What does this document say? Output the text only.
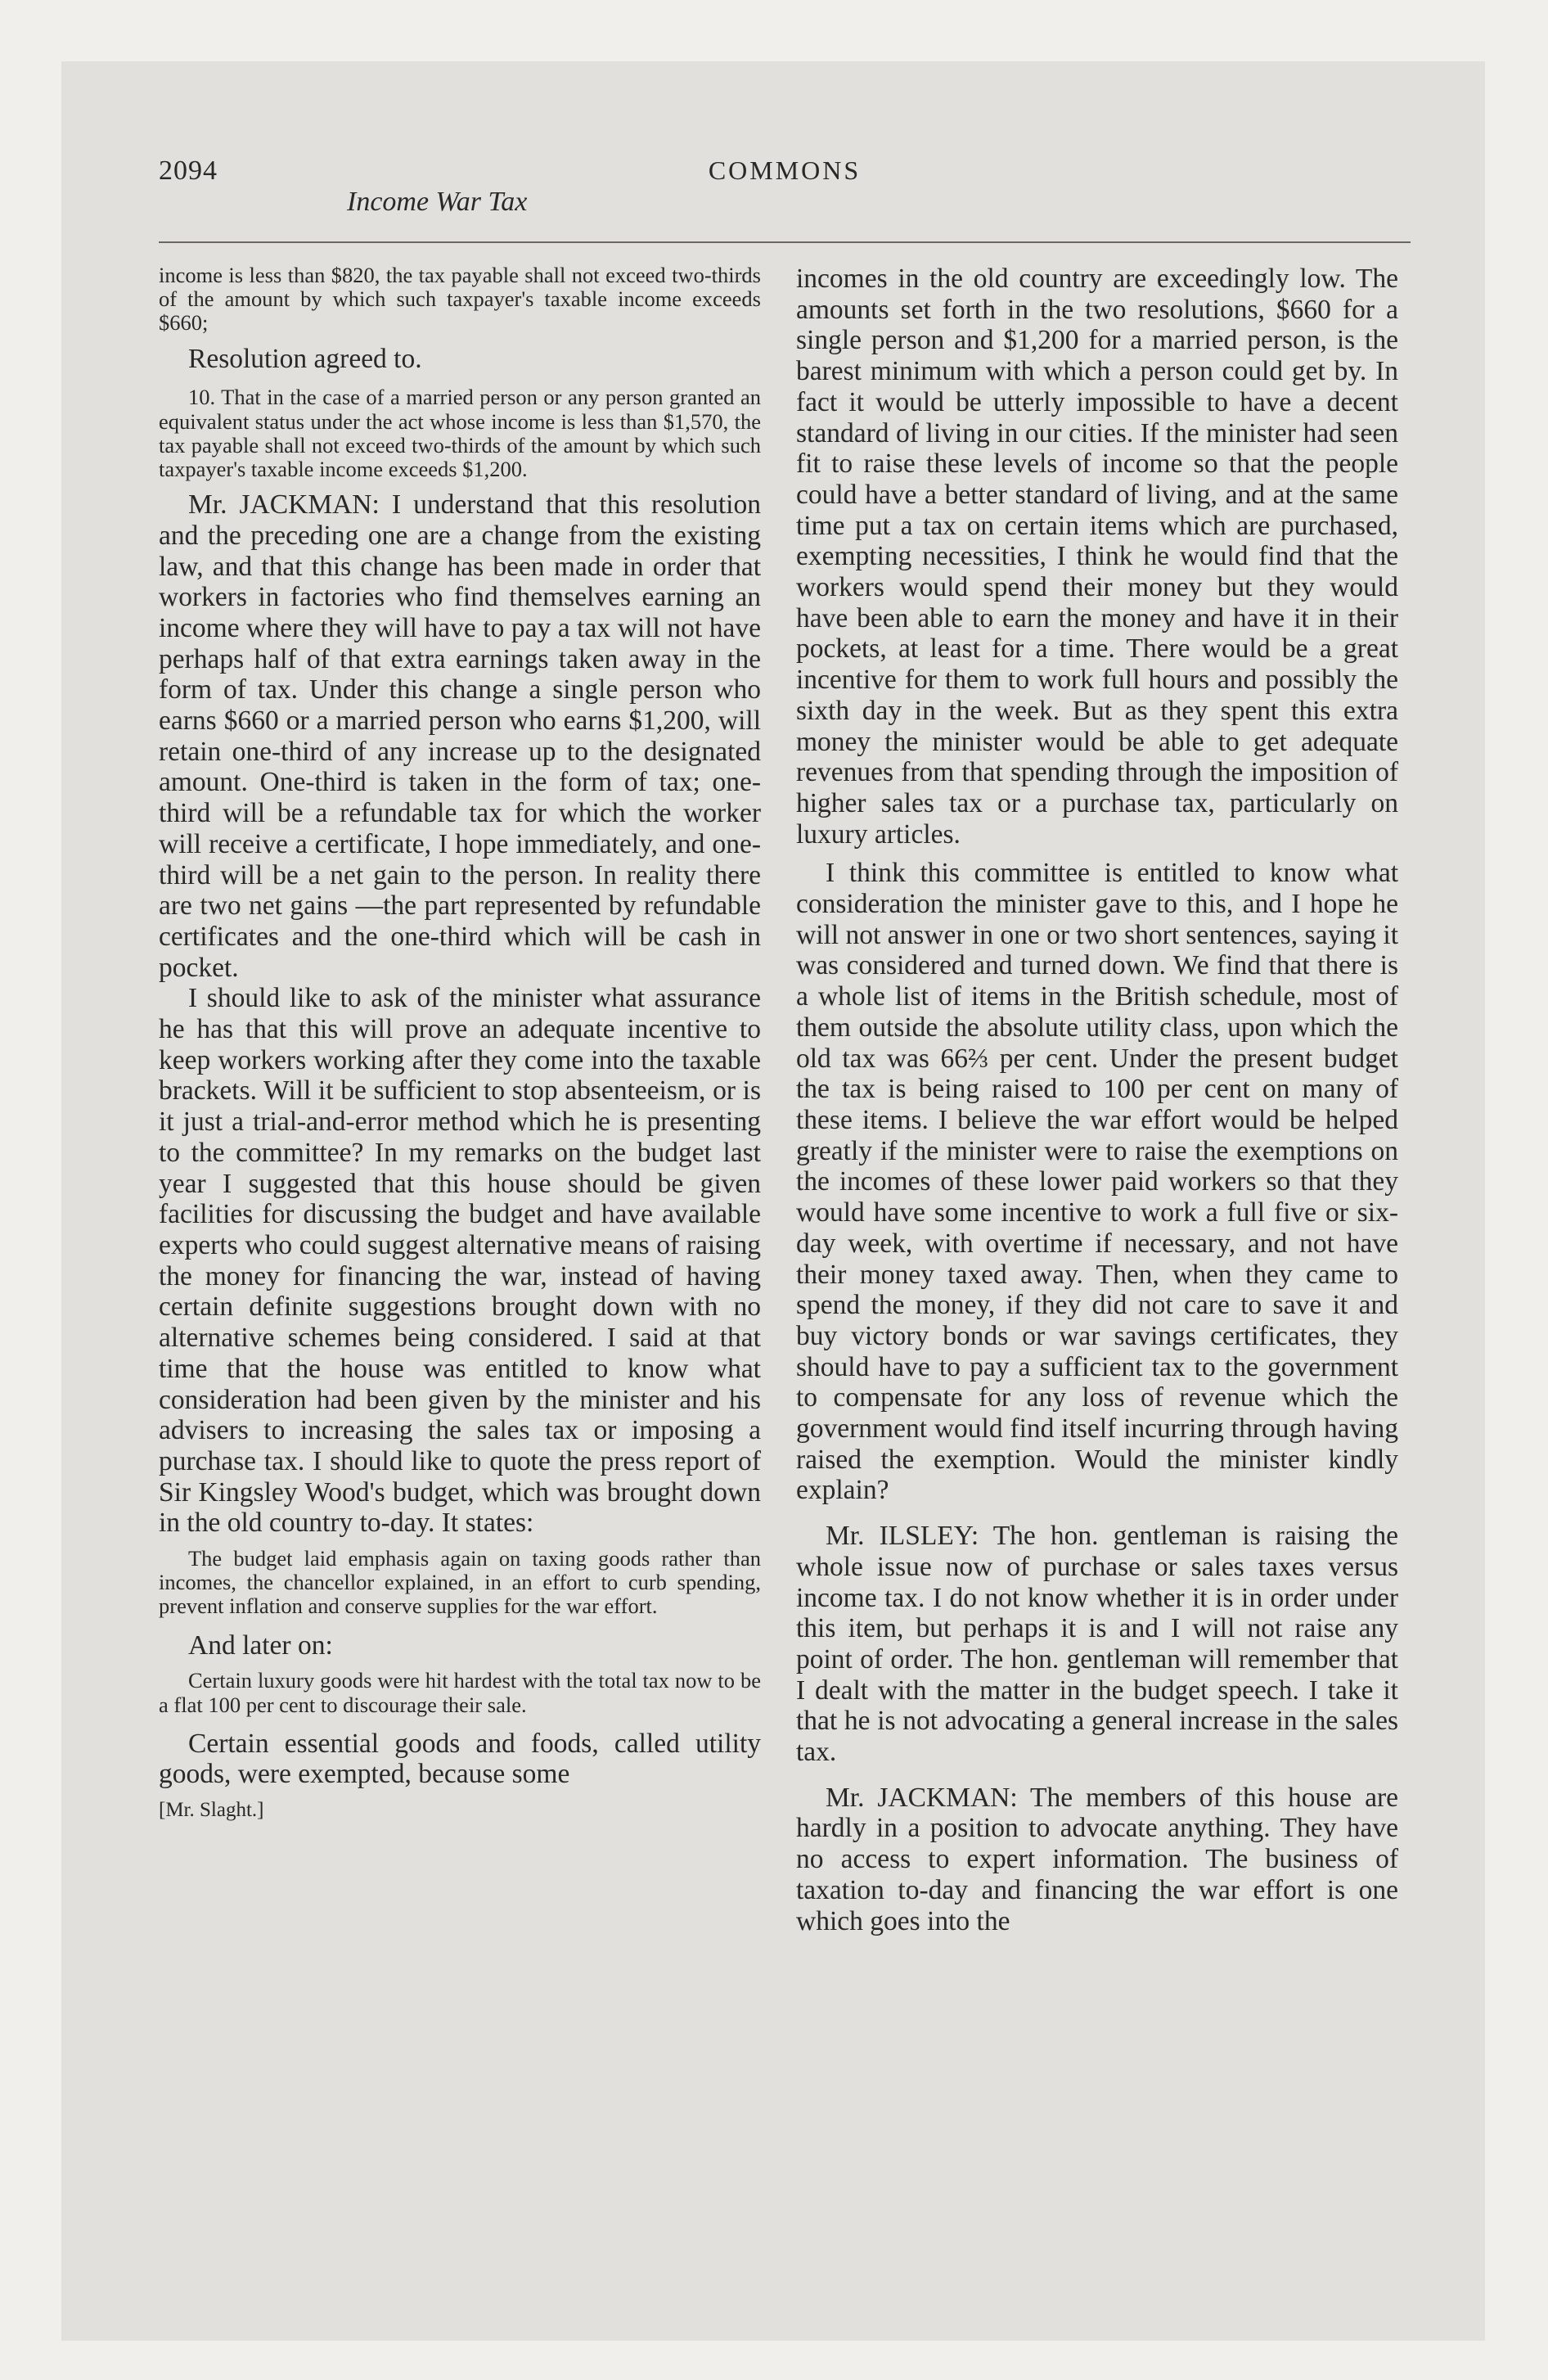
2094	COMMONS
Income War Tax

income is less than $820, the tax payable shall not exceed two-thirds of the amount by which such taxpayer's taxable income exceeds $660;

Resolution agreed to.

10. That in the case of a married person or any person granted an equivalent status under the act whose income is less than $1,570, the tax payable shall not exceed two-thirds of the amount by which such taxpayer's taxable income exceeds $1,200.

Mr. JACKMAN: I understand that this resolution and the preceding one are a change from the existing law, and that this change has been made in order that workers in factories who find themselves earning an income where they will have to pay a tax will not have perhaps half of that extra earnings taken away in the form of tax. Under this change a single person who earns $660 or a married person who earns $1,200, will retain one-third of any increase up to the designated amount. One-third is taken in the form of tax; one-third will be a refundable tax for which the worker will receive a certificate, I hope immediately, and one-third will be a net gain to the person. In reality there are two net gains —the part represented by refundable certificates and the one-third which will be cash in pocket.

I should like to ask of the minister what assurance he has that this will prove an adequate incentive to keep workers working after they come into the taxable brackets. Will it be sufficient to stop absenteeism, or is it just a trial-and-error method which he is presenting to the committee? In my remarks on the budget last year I suggested that this house should be given facilities for discussing the budget and have available experts who could suggest alternative means of raising the money for financing the war, instead of having certain definite suggestions brought down with no alternative schemes being considered. I said at that time that the house was entitled to know what consideration had been given by the minister and his advisers to increasing the sales tax or imposing a purchase tax. I should like to quote the press report of Sir Kingsley Wood's budget, which was brought down in the old country to-day. It states:

The budget laid emphasis again on taxing goods rather than incomes, the chancellor explained, in an effort to curb spending, prevent inflation and conserve supplies for the war effort.

And later on:

Certain luxury goods were hit hardest with the total tax now to be a flat 100 per cent to discourage their sale.

Certain essential goods and foods, called utility goods, were exempted, because some

[Mr. Slaght.]

incomes in the old country are exceedingly low. The amounts set forth in the two resolutions, $660 for a single person and $1,200 for a married person, is the barest minimum with which a person could get by. In fact it would be utterly impossible to have a decent standard of living in our cities. If the minister had seen fit to raise these levels of income so that the people could have a better standard of living, and at the same time put a tax on certain items which are purchased, exempting necessities, I think he would find that the workers would spend their money but they would have been able to earn the money and have it in their pockets, at least for a time. There would be a great incentive for them to work full hours and possibly the sixth day in the week. But as they spent this extra money the minister would be able to get adequate revenues from that spending through the imposition of higher sales tax or a purchase tax, particularly on luxury articles.

I think this committee is entitled to know what consideration the minister gave to this, and I hope he will not answer in one or two short sentences, saying it was considered and turned down. We find that there is a whole list of items in the British schedule, most of them outside the absolute utility class, upon which the old tax was 66⅔ per cent. Under the present budget the tax is being raised to 100 per cent on many of these items. I believe the war effort would be helped greatly if the minister were to raise the exemptions on the incomes of these lower paid workers so that they would have some incentive to work a full five or six-day week, with overtime if necessary, and not have their money taxed away. Then, when they came to spend the money, if they did not care to save it and buy victory bonds or war savings certificates, they should have to pay a sufficient tax to the government to compensate for any loss of revenue which the government would find itself incurring through having raised the exemption. Would the minister kindly explain?

Mr. ILSLEY: The hon. gentleman is raising the whole issue now of purchase or sales taxes versus income tax. I do not know whether it is in order under this item, but perhaps it is and I will not raise any point of order. The hon. gentleman will remember that I dealt with the matter in the budget speech. I take it that he is not advocating a general increase in the sales tax.

Mr. JACKMAN: The members of this house are hardly in a position to advocate anything. They have no access to expert information. The business of taxation to-day and financing the war effort is one which goes into the
